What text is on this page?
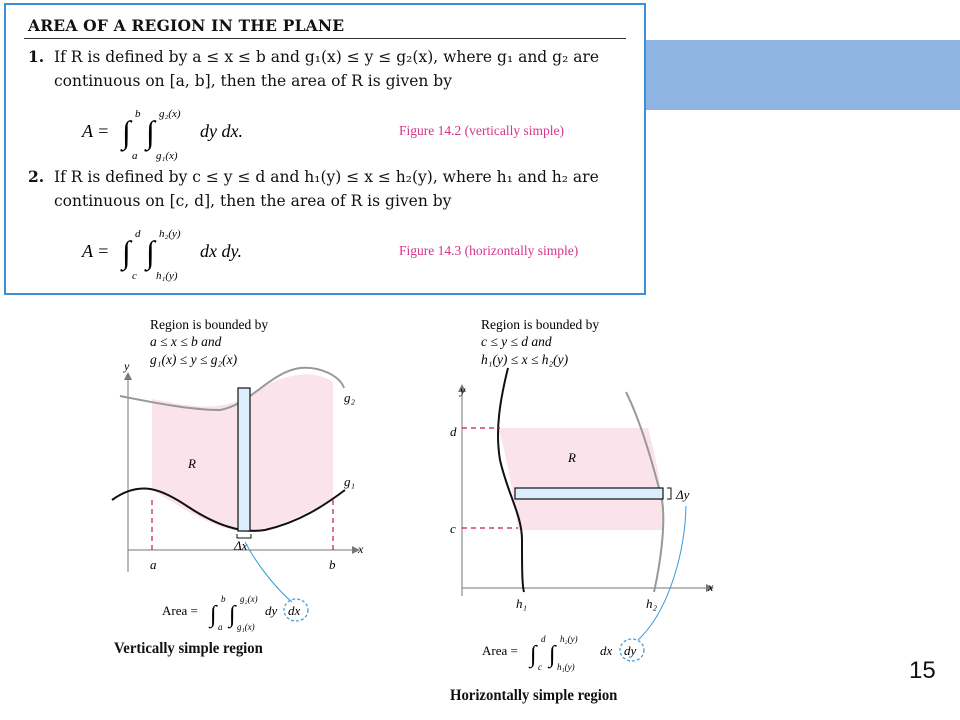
AREA OF A REGION IN THE PLANE
1. If R is defined by a ≤ x ≤ b and g₁(x) ≤ y ≤ g₂(x), where g₁ and g₂ are
continuous on [a, b], then the area of R is given by
A = ∫ b
a
∫ g₂(x)
g₁(x)
dy dx.	Figure 14.2 (vertically simple)
2. If R is defined by c ≤ y ≤ d and h₁(y) ≤ x ≤ h₂(y), where h₁ and h₂ are
continuous on [c, d], then the area of R is given by
A = ∫ d
c
∫ h₂(y)
h₁(y)
dx dy.	Figure 14.3 (horizontally simple)
Region is bounded by
a ≤ x ≤ b and
g₁(x) ≤ y ≤ g₂(x)
y
x
R
g₂
g₁
Δx
a	b
Area = ∫
b
a ∫
g₂(x)
g₁(x)
dy dx
Vertically simple region
Region is bounded by
c ≤ y ≤ d and
h₁(y) ≤ x ≤ h₂(y)
y
x
R
d
c
h₁	h₂
Δy
Area = ∫
d
c ∫
h₂(y)
h₁(y)
dx dy
Horizontally simple region
15
